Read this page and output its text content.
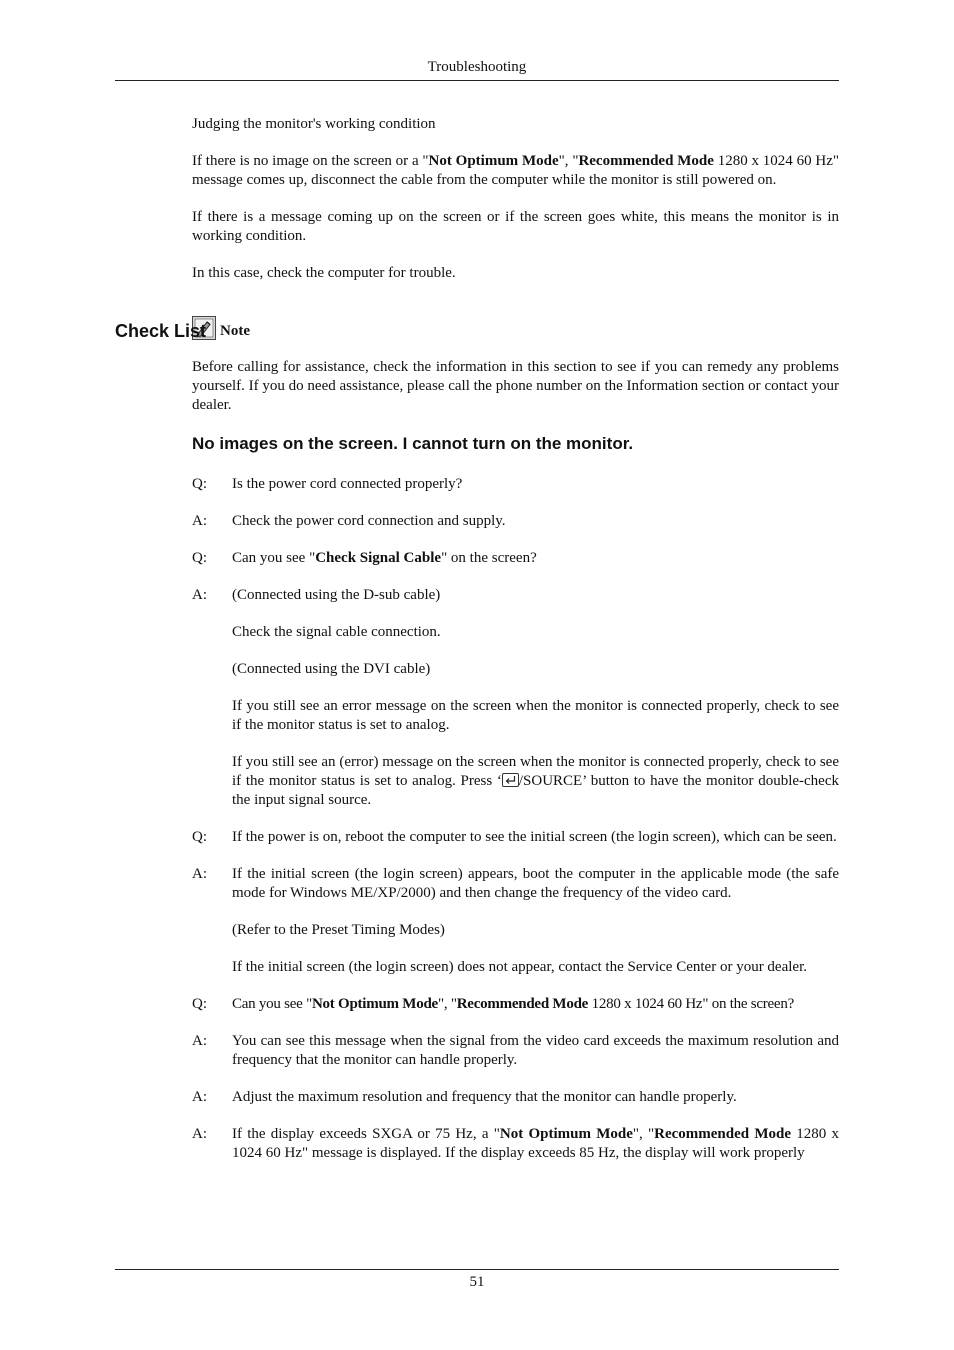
Troubleshooting

Judging the monitor's working condition

If there is no image on the screen or a "Not Optimum Mode", "Recommended Mode 1280 x 1024 60 Hz" message comes up, disconnect the cable from the computer while the monitor is still powered on.

If there is a message coming up on the screen or if the screen goes white, this means the monitor is in working condition.

In this case, check the computer for trouble.

Note

Before calling for assistance, check the information in this section to see if you can remedy any problems yourself. If you do need assistance, please call the phone number on the Information section or contact your dealer.

No images on the screen. I cannot turn on the monitor.
Q:	Is the power cord connected properly?
A:	Check the power cord connection and supply.
Q:	Can you see "Check Signal Cable" on the screen?
A:	(Connected using the D-sub cable)

Check the signal cable connection.

(Connected using the DVI cable)

If you still see an error message on the screen when the monitor is connected properly, check to see if the monitor status is set to analog.

If you still see an (error) message on the screen when the monitor is connected properly, check to see if the monitor status is set to analog. Press ‘ /SOURCE’ button to have the monitor double-check the input signal source.

Q:	If the power is on, reboot the computer to see the initial screen (the login screen), which can be seen.
A:	If the initial screen (the login screen) appears, boot the computer in the applicable mode (the safe mode for Windows ME/XP/2000) and then change the frequency of the video card.

(Refer to the Preset Timing Modes)

If the initial screen (the login screen) does not appear, contact the Service Center or your dealer.

Q:	Can you see "Not Optimum Mode", "Recommended Mode 1280 x 1024 60 Hz" on the screen?
A:	You can see this message when the signal from the video card exceeds the maximum resolution and frequency that the monitor can handle properly.
A:	Adjust the maximum resolution and frequency that the monitor can handle properly.
A:	If the display exceeds SXGA or 75 Hz, a "Not Optimum Mode", "Recommended Mode 1280 x 1024 60 Hz" message is displayed. If the display exceeds 85 Hz, the display will work properly
Check List
51
